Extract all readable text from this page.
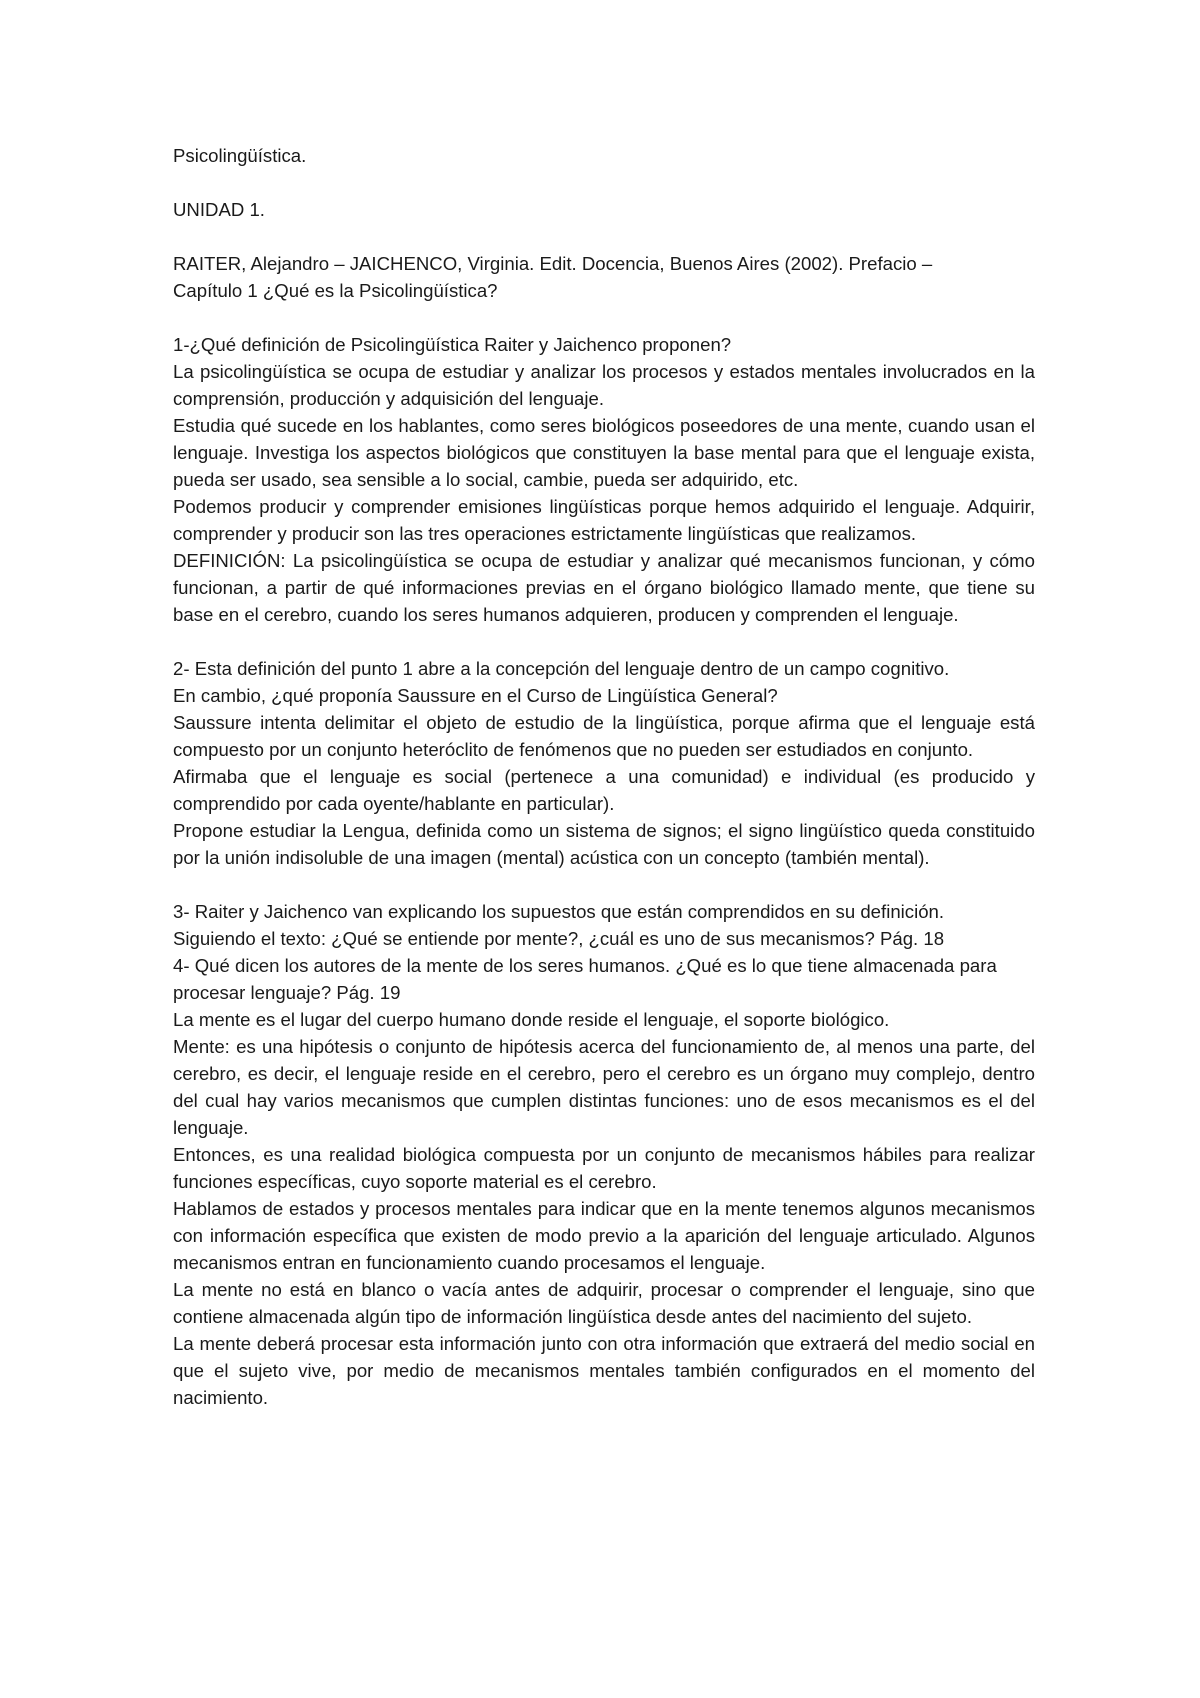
Psicolingüística.

UNIDAD 1.

RAITER, Alejandro – JAICHENCO, Virginia. Edit. Docencia, Buenos Aires (2002). Prefacio –

Capítulo 1 ¿Qué es la Psicolingüística?

1-¿Qué definición de Psicolingüística Raiter y Jaichenco proponen?

La psicolingüística se ocupa de estudiar y analizar los procesos y estados mentales involucrados en la comprensión, producción y adquisición del lenguaje.

Estudia qué sucede en los hablantes, como seres biológicos poseedores de una mente, cuando usan el lenguaje. Investiga los aspectos biológicos que constituyen la base mental para que el lenguaje exista, pueda ser usado, sea sensible a lo social, cambie, pueda ser adquirido, etc.

Podemos producir y comprender emisiones lingüísticas porque hemos adquirido el lenguaje. Adquirir, comprender y producir son las tres operaciones estrictamente lingüísticas que realizamos.

DEFINICIÓN: La psicolingüística se ocupa de estudiar y analizar qué mecanismos funcionan, y cómo funcionan, a partir de qué informaciones previas en el órgano biológico llamado mente, que tiene su base en el cerebro, cuando los seres humanos adquieren, producen y comprenden el lenguaje.

2- Esta definición del punto 1 abre a la concepción del lenguaje dentro de un campo cognitivo.

En cambio, ¿qué proponía Saussure en el Curso de Lingüística General?

Saussure intenta delimitar el objeto de estudio de la lingüística, porque afirma que el lenguaje está compuesto por un conjunto heteróclito de fenómenos que no pueden ser estudiados en conjunto.

Afirmaba que el lenguaje es social (pertenece a una comunidad) e individual (es producido y comprendido por cada oyente/hablante en particular).

Propone estudiar la Lengua, definida como un sistema de signos; el signo lingüístico queda constituido por la unión indisoluble de una imagen (mental) acústica con un concepto (también mental).

3- Raiter y Jaichenco van explicando los supuestos que están comprendidos en su definición.

Siguiendo el texto: ¿Qué se entiende por mente?, ¿cuál es uno de sus mecanismos? Pág. 18

4- Qué dicen los autores de la mente de los seres humanos. ¿Qué es lo que tiene almacenada para procesar lenguaje? Pág. 19

La mente es el lugar del cuerpo humano donde reside el lenguaje, el soporte biológico.

Mente: es una hipótesis o conjunto de hipótesis acerca del funcionamiento de, al menos una parte, del cerebro, es decir, el lenguaje reside en el cerebro, pero el cerebro es un órgano muy complejo, dentro del cual hay varios mecanismos que cumplen distintas funciones: uno de esos mecanismos es el del lenguaje.

Entonces, es una realidad biológica compuesta por un conjunto de mecanismos hábiles para realizar funciones específicas, cuyo soporte material es el cerebro.

Hablamos de estados y procesos mentales para indicar que en la mente tenemos algunos mecanismos con información específica que existen de modo previo a la aparición del lenguaje articulado. Algunos mecanismos entran en funcionamiento cuando procesamos el lenguaje.

La mente no está en blanco o vacía antes de adquirir, procesar o comprender el lenguaje, sino que contiene almacenada algún tipo de información lingüística desde antes del nacimiento del sujeto.

La mente deberá procesar esta información junto con otra información que extraerá del medio social en que el sujeto vive, por medio de mecanismos mentales también configurados en el momento del nacimiento.
